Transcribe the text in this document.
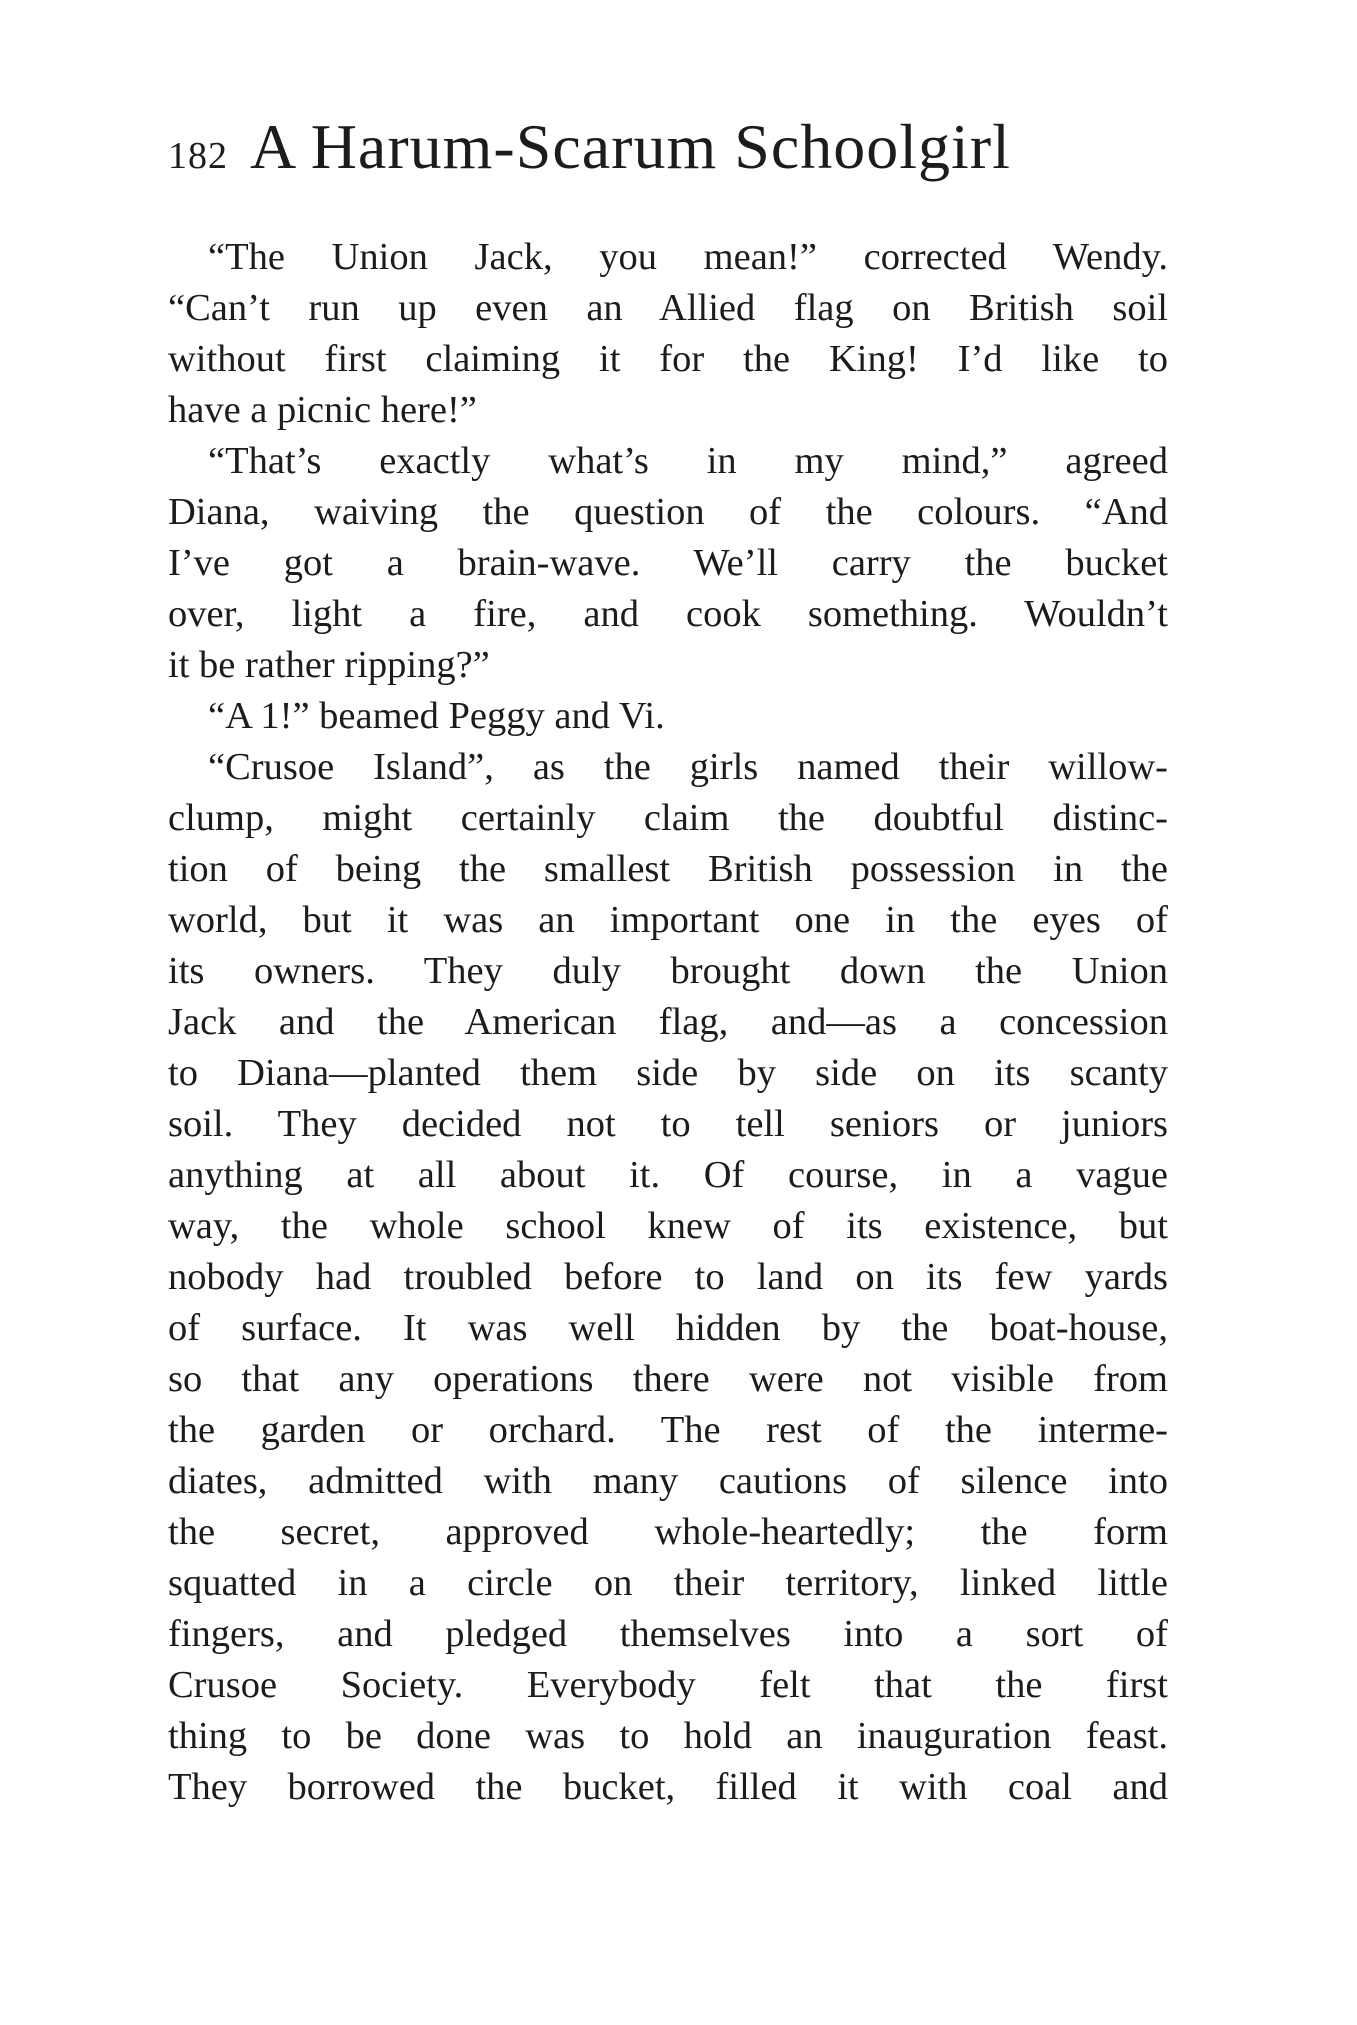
182 A Harum-Scarum Schoolgirl
“The Union Jack, you mean!” corrected Wendy.
“Can’t run up even an Allied flag on British soil
without first claiming it for the King! I’d like to
have a picnic here!”
“That’s exactly what’s in my mind,” agreed
Diana, waiving the question of the colours. “And
I’ve got a brain-wave. We’ll carry the bucket
over, light a fire, and cook something. Wouldn’t
it be rather ripping?”
“A 1!” beamed Peggy and Vi.
“Crusoe Island”, as the girls named their willow-
clump, might certainly claim the doubtful distinc-
tion of being the smallest British possession in the
world, but it was an important one in the eyes of
its owners. They duly brought down the Union
Jack and the American flag, and—as a concession
to Diana—planted them side by side on its scanty
soil. They decided not to tell seniors or juniors
anything at all about it. Of course, in a vague
way, the whole school knew of its existence, but
nobody had troubled before to land on its few yards
of surface. It was well hidden by the boat-house,
so that any operations there were not visible from
the garden or orchard. The rest of the interme-
diates, admitted with many cautions of silence into
the secret, approved whole-heartedly; the form
squatted in a circle on their territory, linked little
fingers, and pledged themselves into a sort of
Crusoe Society. Everybody felt that the first
thing to be done was to hold an inauguration feast.
They borrowed the bucket, filled it with coal and
